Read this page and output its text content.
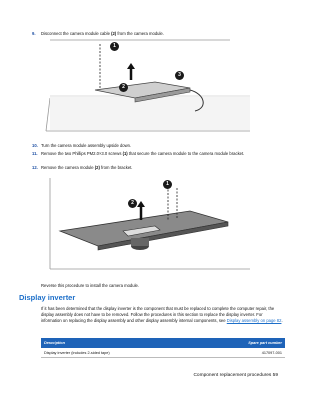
9. Disconnect the camera module cable (2) from the camera module.
1
2
3
10. Turn the camera module assembly upside down.
11. Remove the two Phillips PM2.0×3.0 screws (1) that secure the camera module to the camera module bracket.
12. Remove the camera module (2) from the bracket.
1
2
Reverse this procedure to install the camera module.
Display inverter
If it has been determined that the display inverter is the component that must be replaced to complete the computer repair, the display assembly does not have to be removed. Follow the procedures in this section to replace the display inverter. For information on replacing the display assembly and other display assembly internal components, see Display assembly on page 82.
Description	Spare part number
Display inverter (includes 2-sided tape)	417097-001
Component replacement procedures 59
